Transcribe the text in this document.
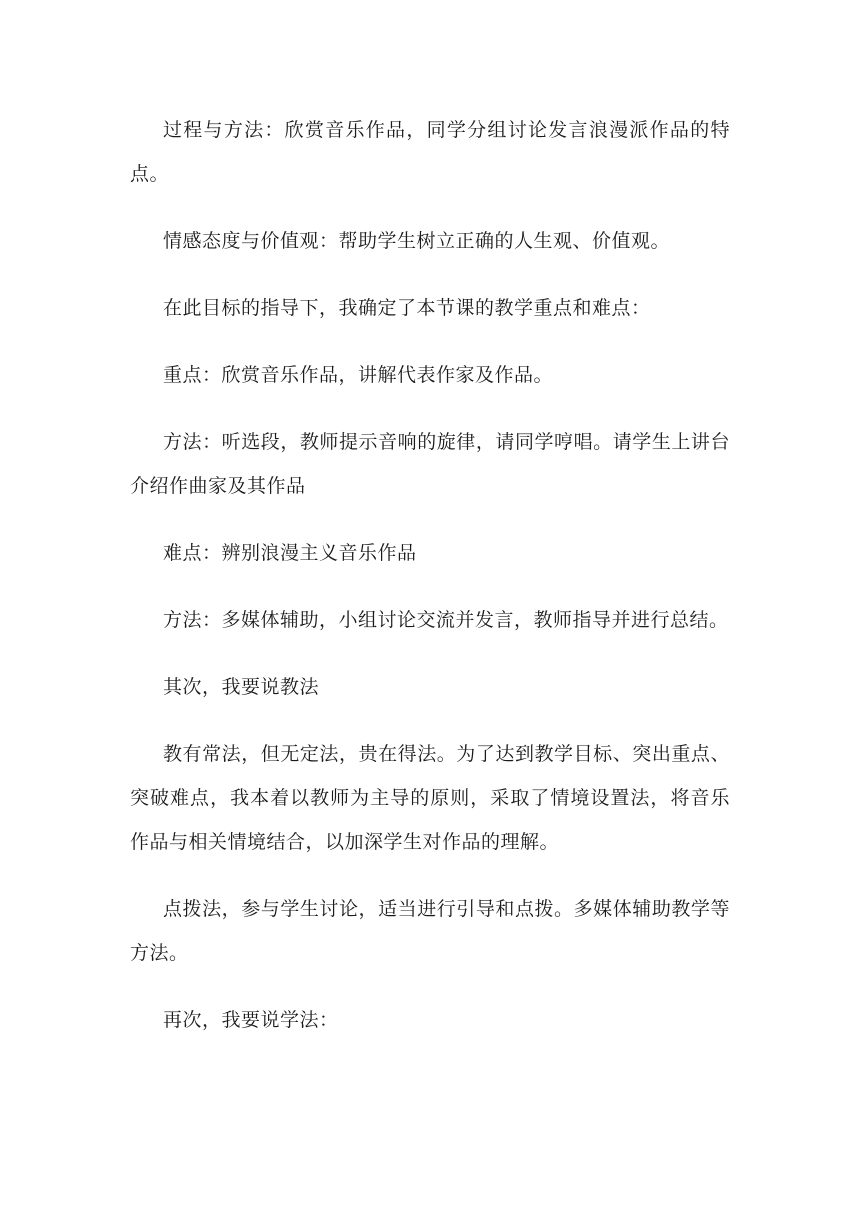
过程与方法：欣赏音乐作品，同学分组讨论发言浪漫派作品的特点。

情感态度与价值观：帮助学生树立正确的人生观、价值观。

在此目标的指导下，我确定了本节课的教学重点和难点：

重点：欣赏音乐作品，讲解代表作家及作品。

方法：听选段，教师提示音响的旋律，请同学哼唱。请学生上讲台介绍作曲家及其作品

难点：辨别浪漫主义音乐作品

方法：多媒体辅助，小组讨论交流并发言，教师指导并进行总结。

其次，我要说教法

教有常法，但无定法，贵在得法。为了达到教学目标、突出重点、突破难点，我本着以教师为主导的原则，采取了情境设置法，将音乐作品与相关情境结合，以加深学生对作品的理解。

点拨法，参与学生讨论，适当进行引导和点拨。多媒体辅助教学等方法。

再次，我要说学法：
